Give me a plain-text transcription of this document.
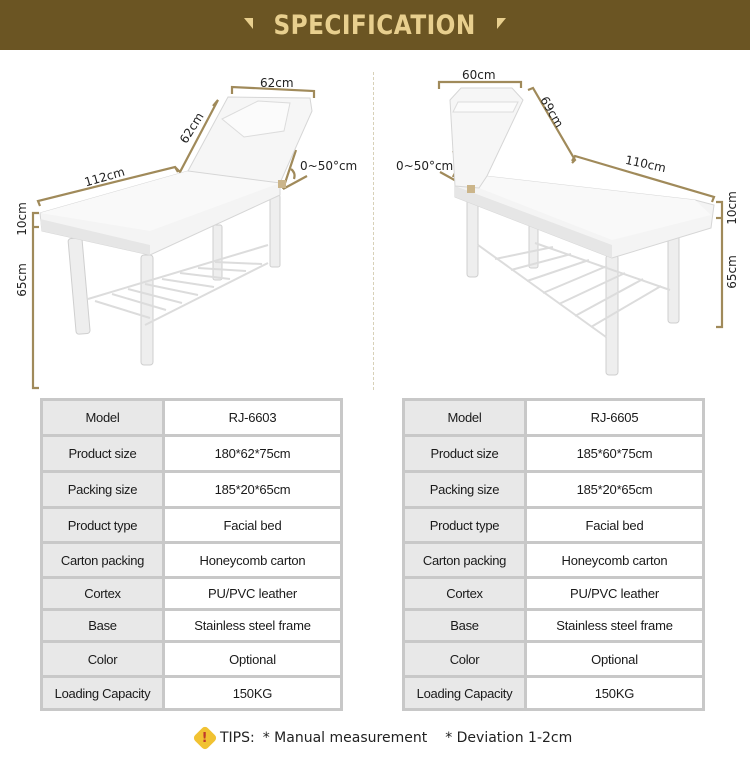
SPECIFICATION
62cm
62cm
112cm	0~50°cm
10cm
65cm
60cm
69cm
110cm
0~50°cm
10cm
65cm
Model	RJ-6603
Product size	180*62*75cm
Packing size	185*20*65cm
Product type	Facial bed
Carton packing	Honeycomb carton
Cortex	PU/PVC leather
Base	Stainless steel frame
Color	Optional
Loading Capacity	150KG
Model	RJ-6605
Product size	185*60*75cm
Packing size	185*20*65cm
Product type	Facial bed
Carton packing	Honeycomb carton
Cortex	PU/PVC leather
Base	Stainless steel frame
Color	Optional
Loading Capacity	150KG
! TIPS: * Manual measurement * Deviation 1-2cm
